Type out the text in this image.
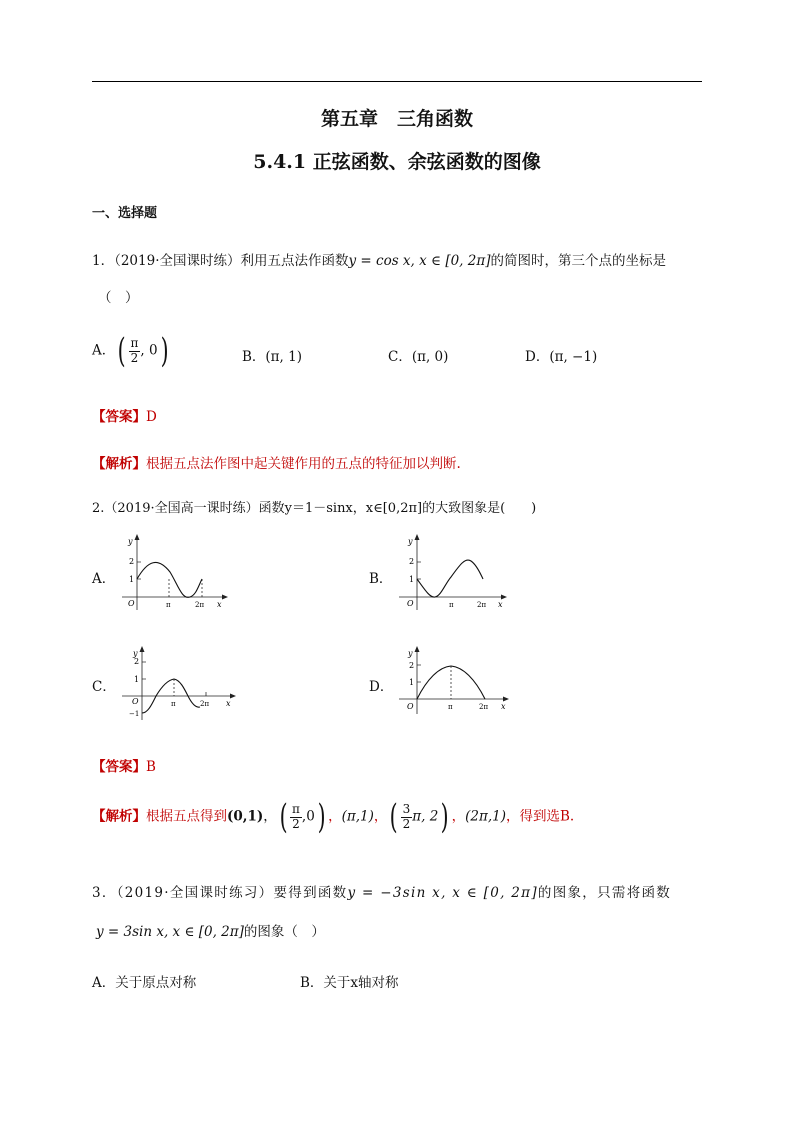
第五章　三角函数
5.4.1 正弦函数、余弦函数的图像
一、选择题
1．（2019·全国课时练）利用五点法作函数y = cos x, x ∈ [0, 2π]的简图时，第三个点的坐标是
（　）
A．( $\frac{\pi}{2}$ , 0)	B．(π, 1)	C．(π, 0)	D．(π, −1)
【答案】D
【解析】根据五点法作图中起关键作用的五点的特征加以判断.
2.（2019·全国高一课时练）函数y＝1－sinx，x∈[0,2π]的大致图象是(　　)
A．
y
2
1
O	π	2π x
B．
y
2
1
O	π	2π x
C．
y
2
1
O
−1
π	2π x
D．
y
2
1
O	π	2π x
【答案】B
【解析】根据五点得到(0,1)，( $\frac{\pi}{2} ,0$) ，(π,1)，( $\frac{3}{2} \pi$, 2) ，(2π,1)，得到选B.
3．（2019·全国课时练习）要得到函数y = −3sin x, x ∈ [0, 2π]的图象，只需将函数
y = 3sin x, x ∈ [0, 2π]的图象（　）
A．关于原点对称	B．关于x轴对称
